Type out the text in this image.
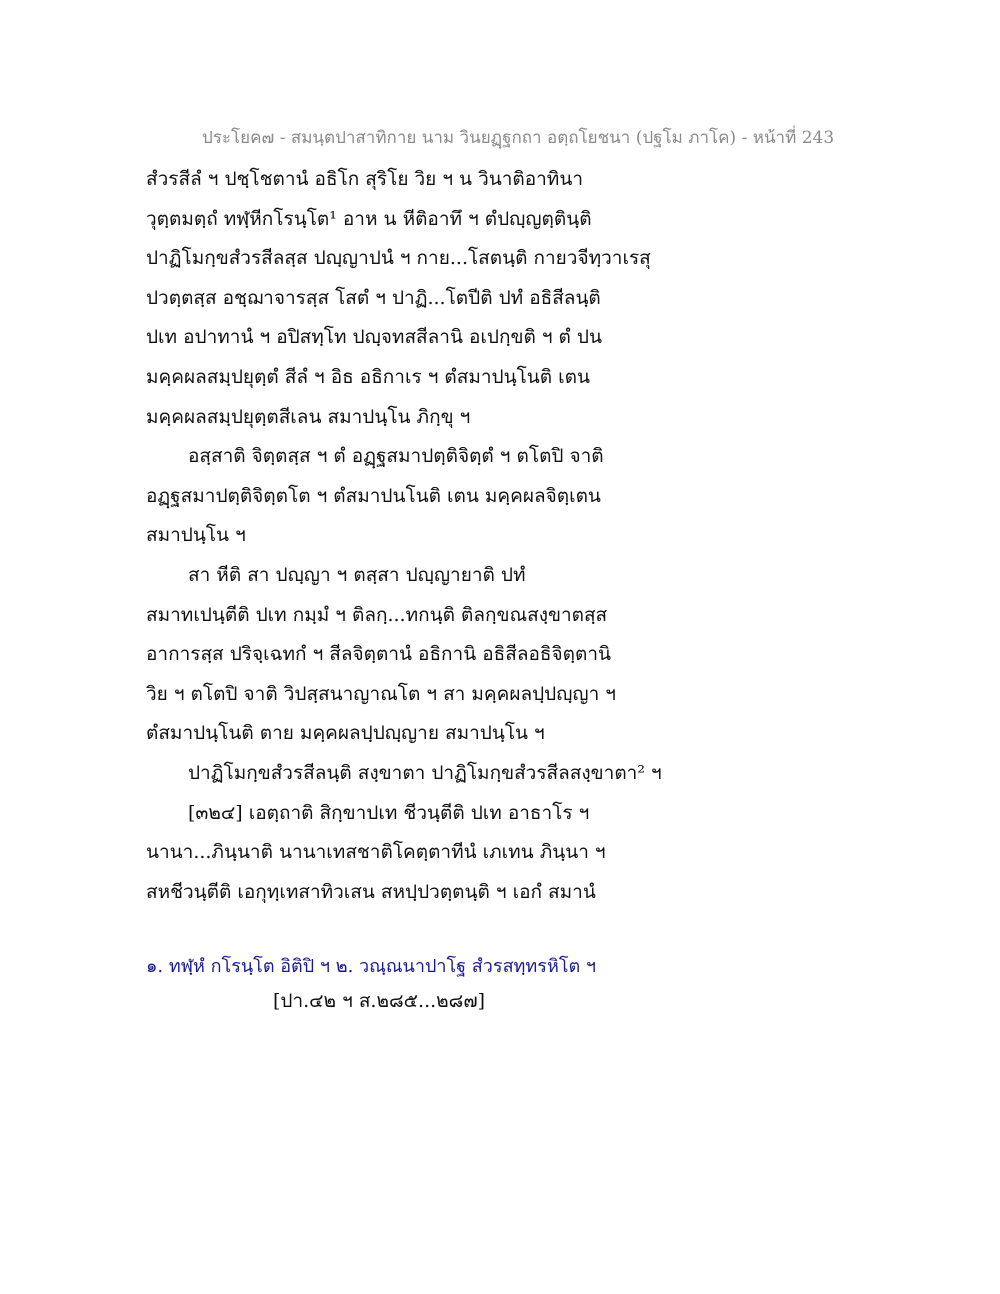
ประโยค๗ - สมนฺตปาสาทิกาย นาม วินยฏฺฐกถา อตฺถโยชนา (ปฐโม ภาโค) - หน้าที่ 243
สํวรสีลํ ฯ ปชฺโชตานํ อธิโก สุริโย วิย ฯ น วินาติอาทินา
วุตฺตมตฺถํ ทฬฺหีกโรนฺโต¹ อาห น หีติอาทึ ฯ ตํปญฺญตฺตินฺติ
ปาฏิโมกฺขสํวรสีลสฺส ปญฺญาปนํ ฯ กาย...โสตนฺติ กายวจีทฺวาเรสุ
ปวตฺตสฺส อชฺฌาจารสฺส โสตํ ฯ ปาฏิ...โตปีติ ปทํ อธิสีลนฺติ
ปเท อปาทานํ ฯ อปิสทฺโท ปญฺจทสสีลานิ อเปกฺขติ ฯ ตํ ปน
มคฺคผลสมฺปยุตฺตํ สีลํ ฯ อิธ อธิกาเร ฯ ตํสมาปนฺโนติ เตน
มคฺคผลสมฺปยุตฺตสีเลน สมาปนฺโน ภิกฺขุ ฯ
อสฺสาติ จิตฺตสฺส ฯ ตํ อฏฺฐสมาปตฺติจิตฺตํ ฯ ตโตปิ จาติ
อฏฺฐสมาปตฺติจิตฺตโต ฯ ตํสมาปนโนติ เตน มคฺคผลจิตฺเตน
สมาปนฺโน ฯ
สา หีติ สา ปญฺญา ฯ ตสฺสา ปญฺญายาติ ปทํ
สมาทเปนฺตีติ ปเท กมฺมํ ฯ ติลกฺ...ทกนฺติ ติลกฺขณสงฺขาตสฺส
อาการสฺส ปริจฺเฉทกํ ฯ สีลจิตฺตานํ อธิกานิ อธิสีลอธิจิตฺตานิ
วิย ฯ ตโตปิ จาติ วิปสฺสนาญาณโต ฯ สา มคฺคผลปฺปญฺญา ฯ
ตํสมาปนฺโนติ ตาย มคฺคผลปฺปญฺญาย สมาปนฺโน ฯ
ปาฏิโมกฺขสํวรสีลนฺติ สงฺขาตา ปาฏิโมกฺขสํวรสีลสงฺขาตา² ฯ
[๓๒๔] เอตฺถาติ สิกฺขาปเท ชีวนฺตีติ ปเท อาธาโร ฯ
นานา...ภินฺนาติ นานาเทสชาติโคตฺตาทีนํ เภเทน ภินฺนา ฯ
สหชีวนฺตีติ เอกุทฺเทสาทิวเสน สหปฺปวตฺตนฺติ ฯ เอกํ สมานํ
๑. ทฬฺหํ กโรนฺโต อิติปิ ฯ ๒. วณฺณนาปาโฐ สํวรสทฺทรหิโต ฯ
[ปา.๔๒ ฯ ส.๒๘๕...๒๘๗]
